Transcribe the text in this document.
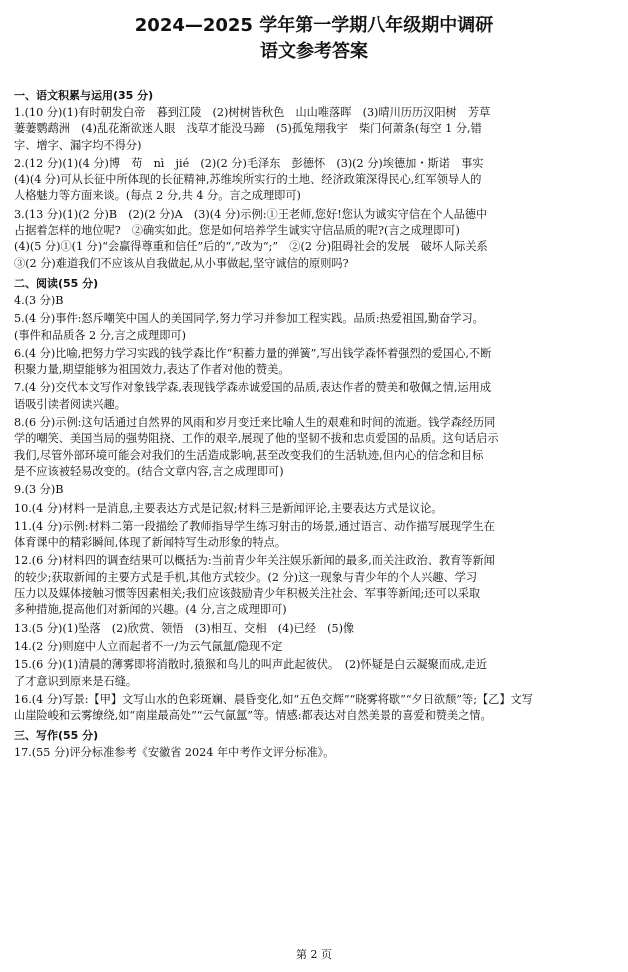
2024—2025 学年第一学期八年级期中调研
语文参考答案
一、语文积累与运用(35 分)

1.(10 分)(1)有时朝发白帝　暮到江陵　(2)树树皆秋色　山山唯落晖　(3)晴川历历汉阳树　芳草

萋萋鹦鹉洲　(4)乱花渐欲迷人眼　浅草才能没马蹄　(5)孤兔翔我宇　柴门何萧条(每空 1 分,错

字、增字、漏字均不得分)

2.(12 分)(1)(4 分)博　苟　nì　jié　(2)(2 分)毛泽东　彭德怀　(3)(2 分)埃德加・斯诺　事实

(4)(4 分)可从长征中所体现的长征精神,苏维埃所实行的土地、经济政策深得民心,红军领导人的

人格魅力等方面来谈。(每点 2 分,共 4 分。言之成理即可)

3.(13 分)(1)(2 分)B　(2)(2 分)A　(3)(4 分)示例:①王老师,您好!您认为诚实守信在个人品德中

占据着怎样的地位呢?　②确实如此。您是如何培养学生诚实守信品质的呢?(言之成理即可)

(4)(5 分)①(1 分)“会赢得尊重和信任”后的“,”改为“;”　②(2 分)阻碍社会的发展　破坏人际关系

③(2 分)难道我们不应该从自我做起,从小事做起,坚守诚信的原则吗?

二、阅读(55 分)

4.(3 分)B

5.(4 分)事件:怒斥嘲笑中国人的美国同学,努力学习并参加工程实践。品质:热爱祖国,勤奋学习。

(事件和品质各 2 分,言之成理即可)

6.(4 分)比喻,把努力学习实践的钱学森比作“积蓄力量的弹簧”,写出钱学森怀着强烈的爱国心,不断

积聚力量,期望能够为祖国效力,表达了作者对他的赞美。

7.(4 分)交代本文写作对象钱学森,表现钱学森赤诚爱国的品质,表达作者的赞美和敬佩之情,运用成

语吸引读者阅读兴趣。

8.(6 分)示例:这句话通过自然界的风雨和岁月变迁来比喻人生的艰难和时间的流逝。钱学森经历同

学的嘲笑、美国当局的强势阻挠、工作的艰辛,展现了他的坚韧不拔和忠贞爱国的品质。这句话启示

我们,尽管外部环境可能会对我们的生活造成影响,甚至改变我们的生活轨迹,但内心的信念和目标

是不应该被轻易改变的。(结合文章内容,言之成理即可)

9.(3 分)B

10.(4 分)材料一是消息,主要表达方式是记叙;材料三是新闻评论,主要表达方式是议论。

11.(4 分)示例:材料二第一段描绘了教师指导学生练习射击的场景,通过语言、动作描写展现学生在

体育课中的精彩瞬间,体现了新闻特写生动形象的特点。

12.(6 分)材料四的调查结果可以概括为:当前青少年关注娱乐新闻的最多,而关注政治、教育等新闻

的较少;获取新闻的主要方式是手机,其他方式较少。(2 分)这一现象与青少年的个人兴趣、学习

压力以及媒体接触习惯等因素相关;我们应该鼓励青少年积极关注社会、军事等新闻;还可以采取

多种措施,提高他们对新闻的兴趣。(4 分,言之成理即可)

13.(5 分)(1)坠落　(2)欣赏、领悟　(3)相互、交相　(4)已经　(5)像

14.(2 分)则庭中人立而起者不一/为云气氤氲/隐现不定

15.(6 分)(1)清晨的薄雾即将消散时,猿猴和鸟儿的叫声此起彼伏。　(2)怀疑是白云凝聚而成,走近

了才意识到原来是石缝。

16.(4 分)写景:【甲】文写山水的色彩斑斓、晨昏变化,如“五色交辉”“晓雾将歇”“夕日欲颓”等;【乙】文写

山崖险峻和云雾缭绕,如“南崖最高处”“云气氤氲”等。情感:都表达对自然美景的喜爱和赞美之情。

三、写作(55 分)

17.(55 分)评分标准参考《安徽省 2024 年中考作文评分标准》。

第 2 页
